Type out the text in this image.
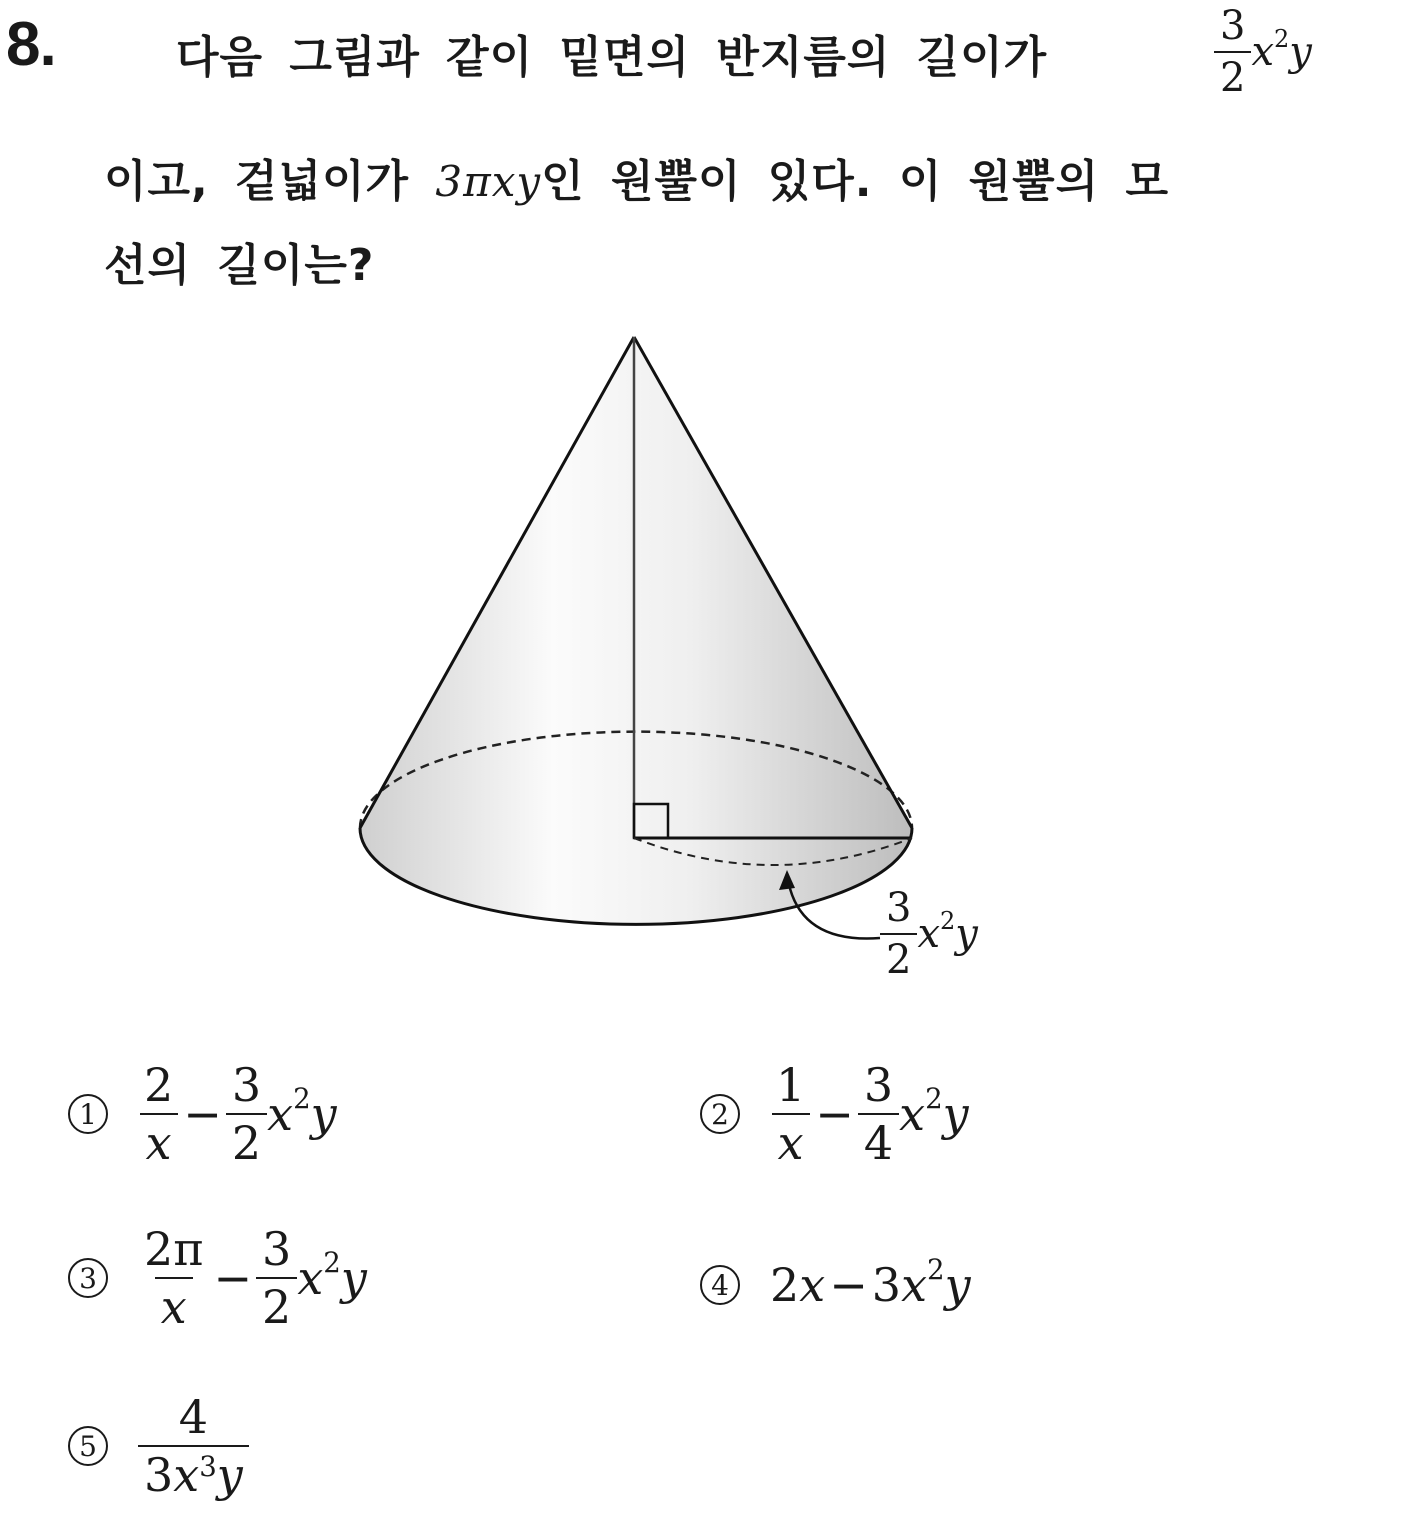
8.	다음 그림과 같이 밑면의 반지름의 길이가	$\frac{3}{2} x^2$ y
이고, 겉넓이가 3πxy인 원뿔이 있다. 이 원뿔의 모
선의 길이는?
$\frac{3}{2} x^2$ y
$1 \frac{2}{x} - \frac{3}{2} x^2$ y	$2 \frac{1}{x} - \frac{3}{4} x^2$ y
$3 \frac{2\pi}{x} - \frac{3}{2} x^2$ y	4 2 x − 3 $x^2$ y
$5 \frac{4}{3x^3y}$
